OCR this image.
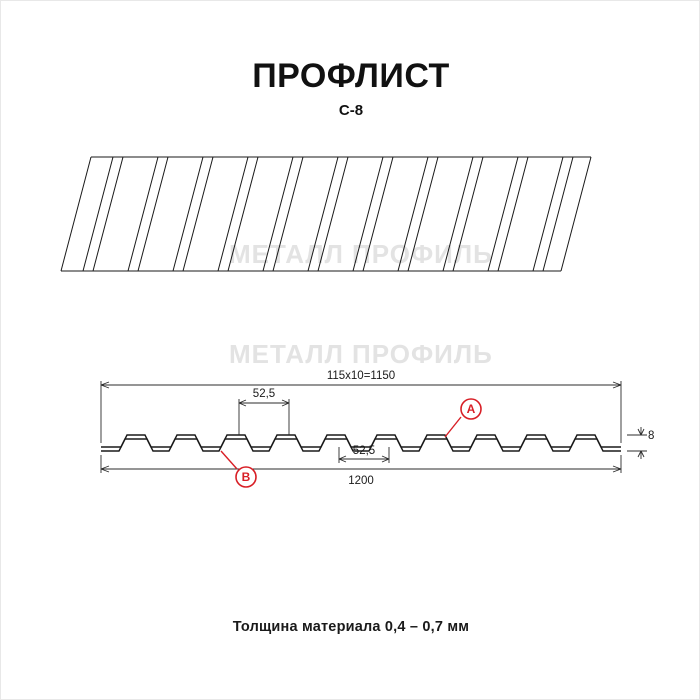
ПРОФЛИСТ
C-8
МЕТАЛЛ ПРОФИЛЬ
МЕТАЛЛ ПРОФИЛЬ
1200
115x10=1150
52,5
52,5
8
A
B
Толщина материала 0,4 – 0,7 мм
